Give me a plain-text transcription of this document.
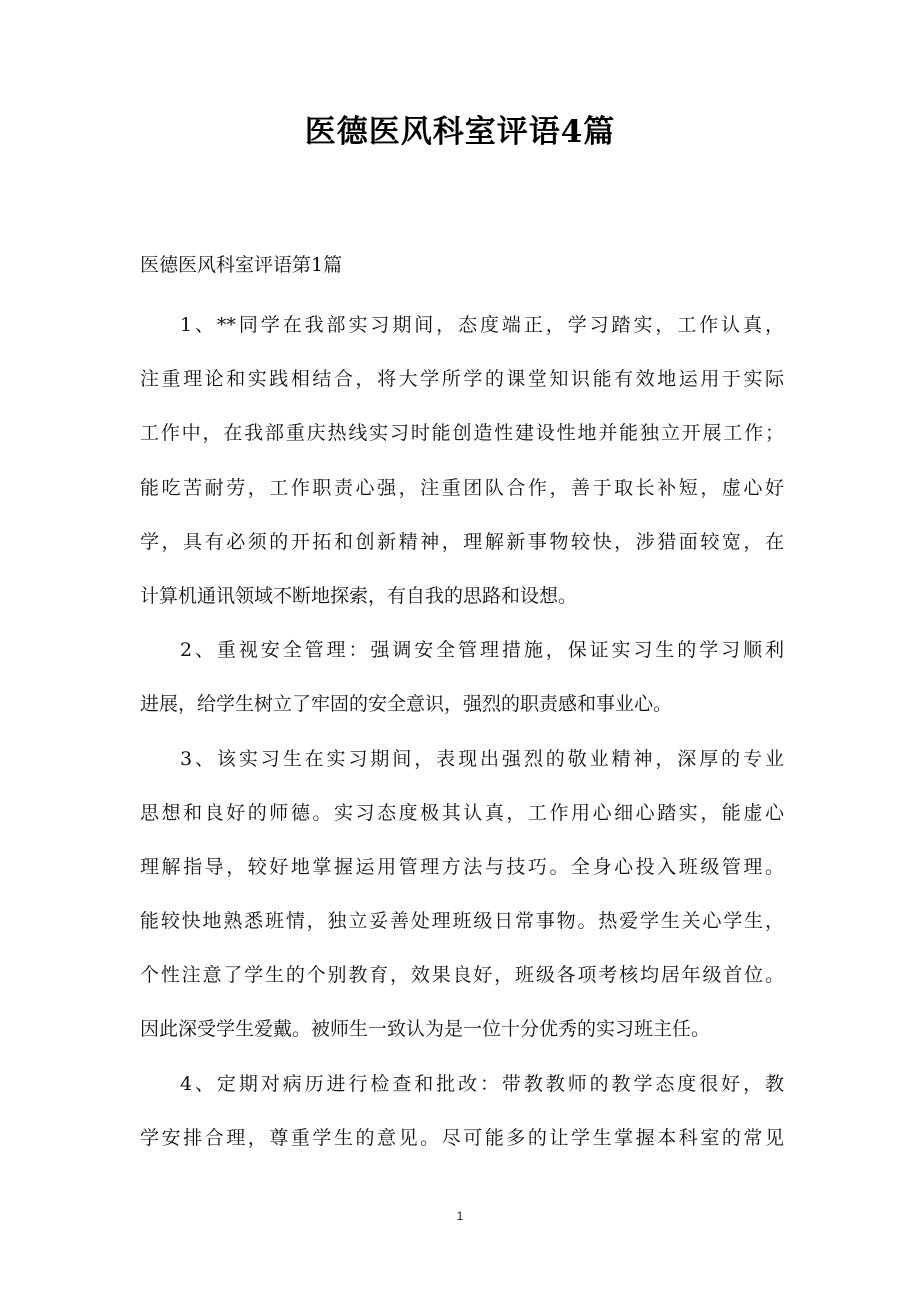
医德医风科室评语4篇
医德医风科室评语第1篇
1、**同学在我部实习期间，态度端正，学习踏实，工作认真，
注重理论和实践相结合，将大学所学的课堂知识能有效地运用于实际
工作中，在我部重庆热线实习时能创造性建设性地并能独立开展工作；
能吃苦耐劳，工作职责心强，注重团队合作，善于取长补短，虚心好
学，具有必须的开拓和创新精神，理解新事物较快，涉猎面较宽，在
计算机通讯领域不断地探索，有自我的思路和设想。
2、重视安全管理：强调安全管理措施，保证实习生的学习顺利
进展，给学生树立了牢固的安全意识，强烈的职责感和事业心。
3、该实习生在实习期间，表现出强烈的敬业精神，深厚的专业
思想和良好的师德。实习态度极其认真，工作用心细心踏实，能虚心
理解指导，较好地掌握运用管理方法与技巧。全身心投入班级管理。
能较快地熟悉班情，独立妥善处理班级日常事物。热爱学生关心学生，
个性注意了学生的个别教育，效果良好，班级各项考核均居年级首位。
因此深受学生爱戴。被师生一致认为是一位十分优秀的实习班主任。
4、定期对病历进行检查和批改：带教教师的教学态度很好，教
学安排合理，尊重学生的意见。尽可能多的让学生掌握本科室的常见
1
